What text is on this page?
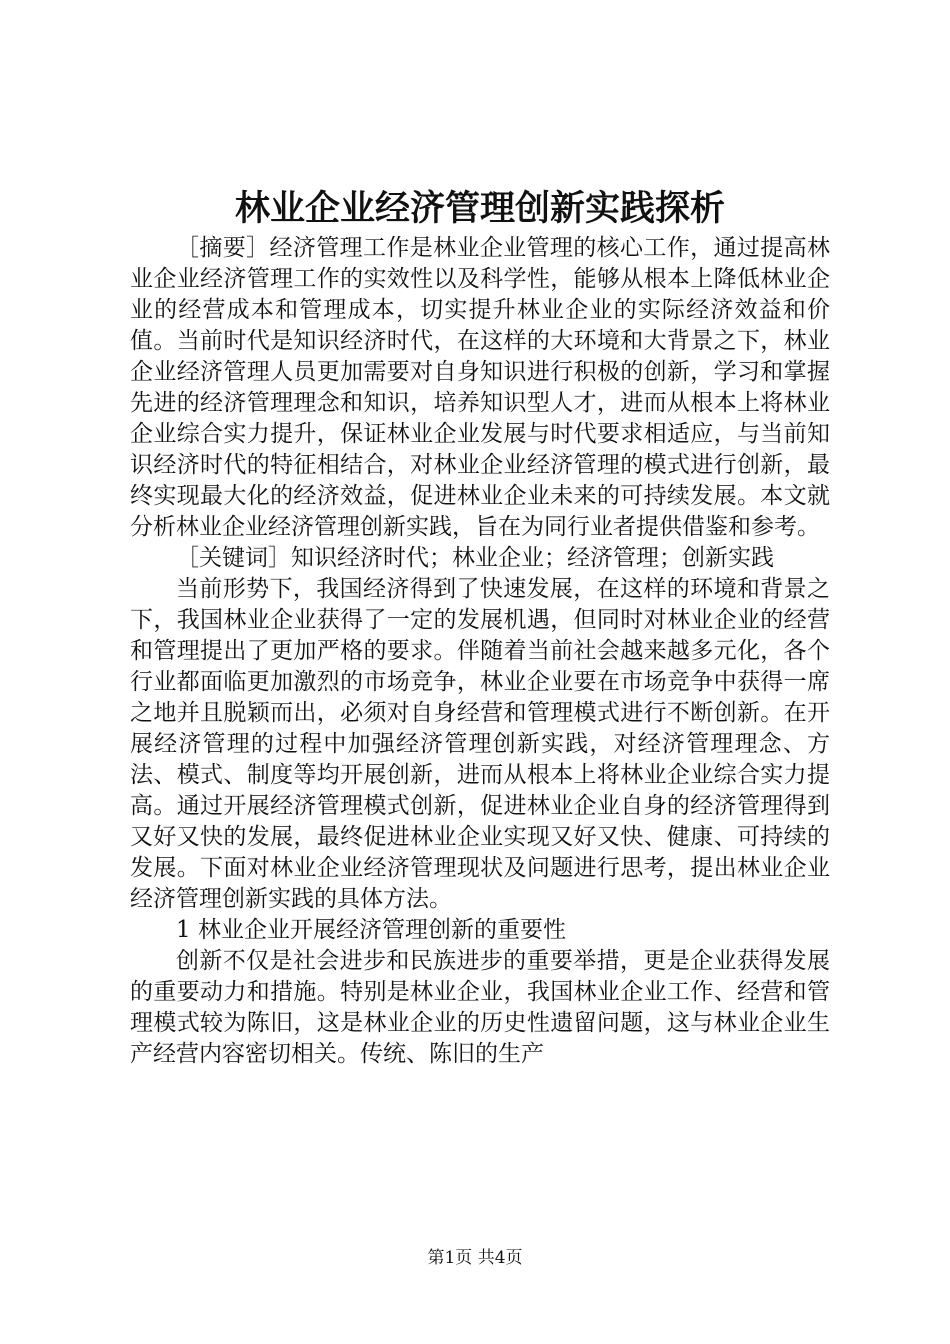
林业企业经济管理创新实践探析

［摘要］经济管理工作是林业企业管理的核心工作，通过提高林业企业经济管理工作的实效性以及科学性，能够从根本上降低林业企业的经营成本和管理成本，切实提升林业企业的实际经济效益和价值。当前时代是知识经济时代，在这样的大环境和大背景之下，林业企业经济管理人员更加需要对自身知识进行积极的创新，学习和掌握先进的经济管理理念和知识，培养知识型人才，进而从根本上将林业企业综合实力提升，保证林业企业发展与时代要求相适应，与当前知识经济时代的特征相结合，对林业企业经济管理的模式进行创新，最终实现最大化的经济效益，促进林业企业未来的可持续发展。本文就分析林业企业经济管理创新实践，旨在为同行业者提供借鉴和参考。

［关键词］知识经济时代；林业企业；经济管理；创新实践

当前形势下，我国经济得到了快速发展，在这样的环境和背景之下，我国林业企业获得了一定的发展机遇，但同时对林业企业的经营和管理提出了更加严格的要求。伴随着当前社会越来越多元化，各个行业都面临更加激烈的市场竞争，林业企业要在市场竞争中获得一席之地并且脱颖而出，必须对自身经营和管理模式进行不断创新。在开展经济管理的过程中加强经济管理创新实践，对经济管理理念、方法、模式、制度等均开展创新，进而从根本上将林业企业综合实力提高。通过开展经济管理模式创新，促进林业企业自身的经济管理得到又好又快的发展，最终促进林业企业实现又好又快、健康、可持续的发展。下面对林业企业经济管理现状及问题进行思考，提出林业企业经济管理创新实践的具体方法。

1 林业企业开展经济管理创新的重要性

创新不仅是社会进步和民族进步的重要举措，更是企业获得发展的重要动力和措施。特别是林业企业，我国林业企业工作、经营和管理模式较为陈旧，这是林业企业的历史性遗留问题，这与林业企业生产经营内容密切相关。传统、陈旧的生产

第1页 共4页
